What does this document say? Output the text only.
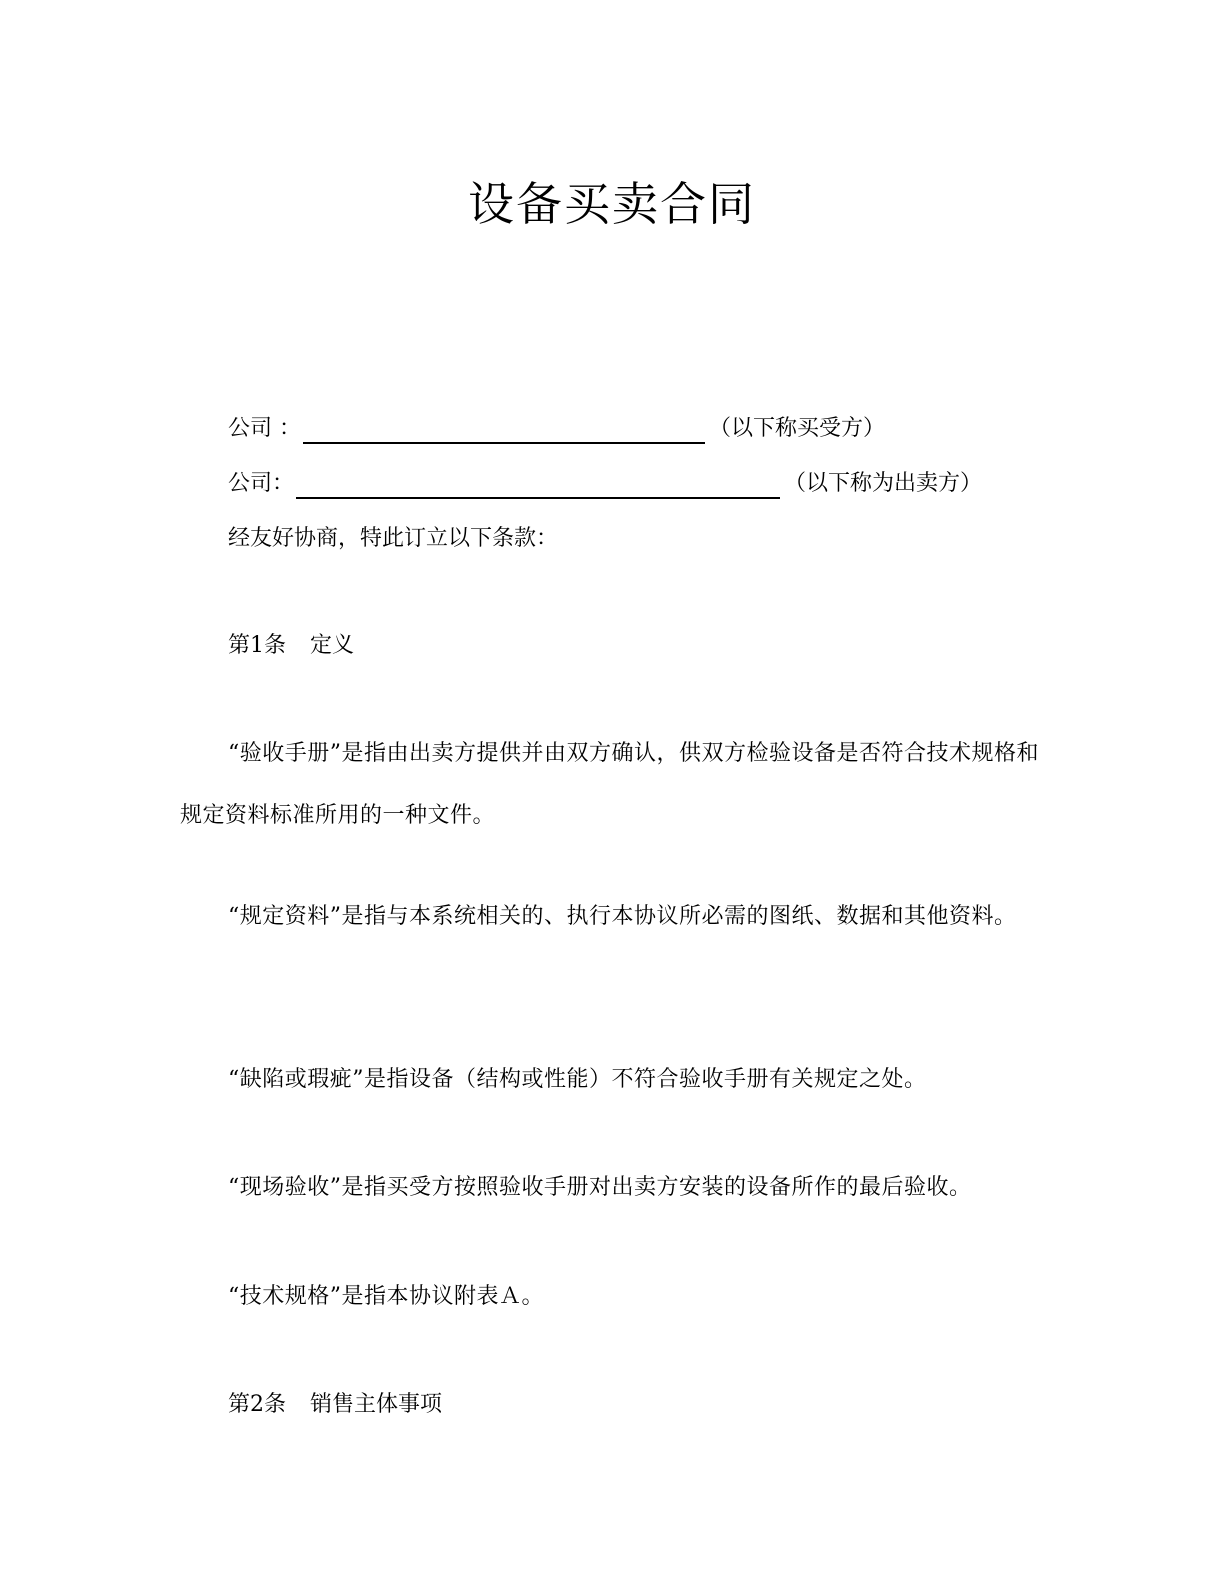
设备买卖合同
公司 ：	（以下称买受方）
公司：	（以下称为出卖方）
经友好协商，特此订立以下条款：
第1条 定义

“验收手册”是指由出卖方提供并由双方确认，供双方检验设备是否符合技术规格和规定资料标准所用的一种文件。

“规定资料”是指与本系统相关的、执行本协议所必需的图纸、数据和其他资料。

“缺陷或瑕疵”是指设备（结构或性能）不符合验收手册有关规定之处。

“现场验收”是指买受方按照验收手册对出卖方安装的设备所作的最后验收。

“技术规格”是指本协议附表Ａ。

第2条 销售主体事项
